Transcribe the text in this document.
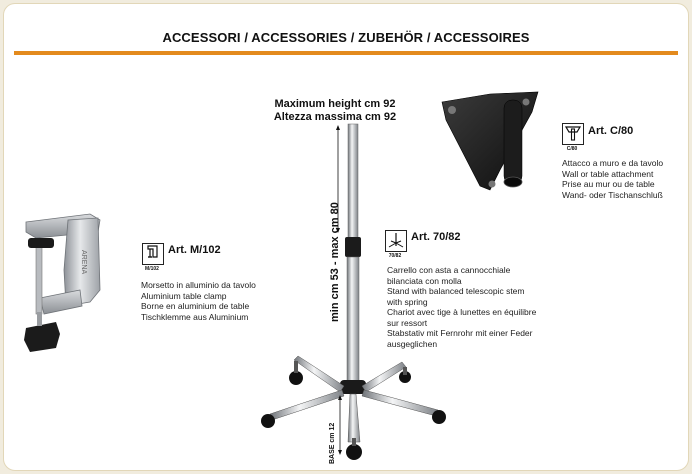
ACCESSORI / ACCESSORIES / ZUBEHÖR / ACCESSOIRES
ARENA
Maximum height cm 92
Altezza massima cm 92
min cm 53 - max cm 80
BASE cm 12
M/102
Art. M/102
Morsetto in alluminio da tavolo
Aluminium table clamp
Borne en aluminium de table
Tischklemme aus Aluminium
70/82
Art. 70/82
Carrello con asta a cannocchiale
bilanciata con molla
Stand with balanced telescopic stem
with spring
Chariot avec tige à lunettes en équilibre
sur ressort
Stabstativ mit Fernrohr mit einer Feder
ausgeglichen
C/80
Art. C/80
Attacco a muro e da tavolo
Wall or table attachment
Prise au mur ou de table
Wand- oder Tischanschluß
